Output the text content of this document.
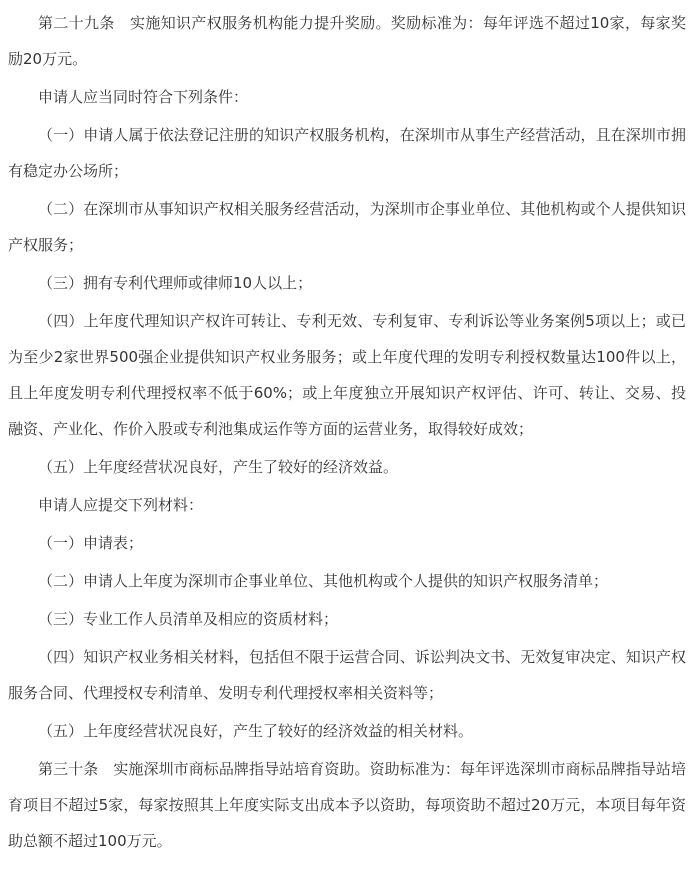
第二十九条　实施知识产权服务机构能力提升奖励。奖励标准为：每年评选不超过10家，每家奖励20万元。

申请人应当同时符合下列条件：

（一）申请人属于依法登记注册的知识产权服务机构，在深圳市从事生产经营活动，且在深圳市拥有稳定办公场所；

（二）在深圳市从事知识产权相关服务经营活动，为深圳市企事业单位、其他机构或个人提供知识产权服务；

（三）拥有专利代理师或律师10人以上；

（四）上年度代理知识产权许可转让、专利无效、专利复审、专利诉讼等业务案例5项以上；或已为至少2家世界500强企业提供知识产权业务服务；或上年度代理的发明专利授权数量达100件以上，且上年度发明专利代理授权率不低于60%；或上年度独立开展知识产权评估、许可、转让、交易、投融资、产业化、作价入股或专利池集成运作等方面的运营业务，取得较好成效；

（五）上年度经营状况良好，产生了较好的经济效益。

申请人应提交下列材料：

（一）申请表；

（二）申请人上年度为深圳市企事业单位、其他机构或个人提供的知识产权服务清单；

（三）专业工作人员清单及相应的资质材料；

（四）知识产权业务相关材料，包括但不限于运营合同、诉讼判决文书、无效复审决定、知识产权服务合同、代理授权专利清单、发明专利代理授权率相关资料等；

（五）上年度经营状况良好，产生了较好的经济效益的相关材料。

第三十条　实施深圳市商标品牌指导站培育资助。资助标准为：每年评选深圳市商标品牌指导站培育项目不超过5家，每家按照其上年度实际支出成本予以资助，每项资助不超过20万元，本项目每年资助总额不超过100万元。
